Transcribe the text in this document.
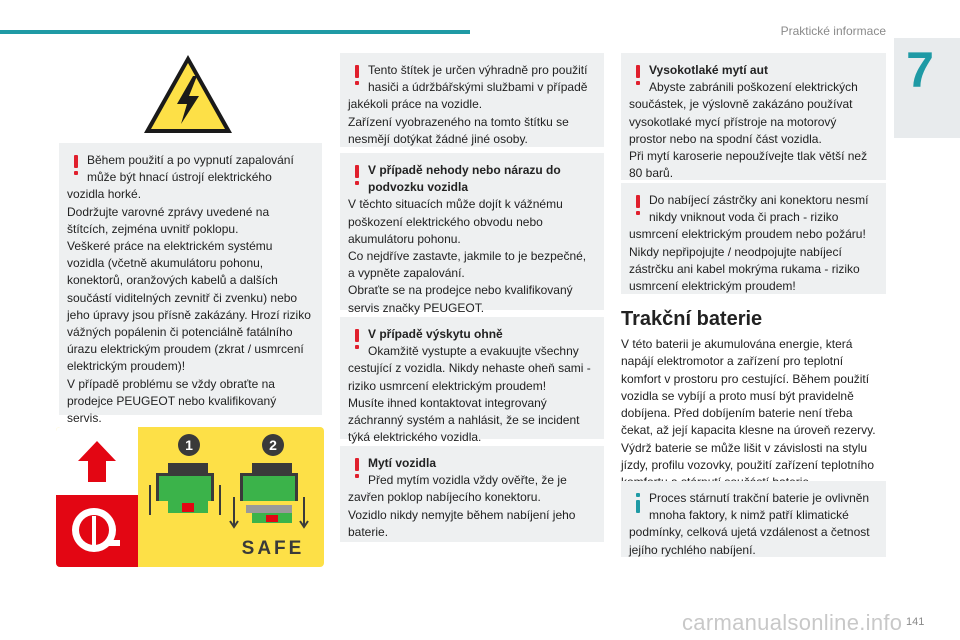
Praktické informace
7
Během použití a po vypnutí zapalování
může být hnací ústrojí elektrického
vozidla horké.
Dodržujte varovné zprávy uvedené na
štítcích, zejména uvnitř poklopu.
Veškeré práce na elektrickém systému
vozidla (včetně akumulátoru pohonu,
konektorů, oranžových kabelů a dalších
součástí viditelných zevnitř či zvenku) nebo
jeho úpravy jsou přísně zakázány. Hrozí riziko
vážných popálenin či potenciálně fatálního
úrazu elektrickým proudem (zkrat / usmrcení
elektrickým proudem)!
V případě problému se vždy obraťte na
prodejce PEUGEOT nebo kvalifikovaný
servis.
1	2
SAFE
Tento štítek je určen výhradně pro použití
hasiči a údržbářskými službami v případě
jakékoli práce na vozidle.
Zařízení vyobrazeného na tomto štítku se
nesmějí dotýkat žádné jiné osoby.
V případě nehody nebo nárazu do
podvozku vozidla
V těchto situacích může dojít k vážnému
poškození elektrického obvodu nebo
akumulátoru pohonu.
Co nejdříve zastavte, jakmile to je bezpečné,
a vypněte zapalování.
Obraťte se na prodejce nebo kvalifikovaný
servis značky PEUGEOT.
V případě výskytu ohně
Okamžitě vystupte a evakuujte všechny
cestující z vozidla. Nikdy nehaste oheň sami -
riziko usmrcení elektrickým proudem!
Musíte ihned kontaktovat integrovaný
záchranný systém a nahlásit, že se incident
týká elektrického vozidla.
Mytí vozidla
Před mytím vozidla vždy ověřte, že je
zavřen poklop nabíjecího konektoru.
Vozidlo nikdy nemyjte během nabíjení jeho
baterie.
Vysokotlaké mytí aut
Abyste zabránili poškození elektrických
součástek, je výslovně zakázáno používat
vysokotlaké mycí přístroje na motorový
prostor nebo na spodní část vozidla.
Při mytí karoserie nepoužívejte tlak větší než
80 barů.
Do nabíjecí zástrčky ani konektoru nesmí
nikdy vniknout voda či prach - riziko
usmrcení elektrickým proudem nebo požáru!
Nikdy nepřipojujte / neodpojujte nabíjecí
zástrčku ani kabel mokrýma rukama - riziko
usmrcení elektrickým proudem!
Trakční baterie
V této baterii je akumulována energie, která
napájí elektromotor a zařízení pro teplotní
komfort v prostoru pro cestující. Během použití
vozidla se vybíjí a proto musí být pravidelně
dobíjena. Před dobíjením baterie není třeba
čekat, až její kapacita klesne na úroveň rezervy.
Výdrž baterie se může lišit v závislosti na stylu
jízdy, profilu vozovky, použití zařízení teplotního
Proces stárnutí trakční baterie je ovlivněn
mnoha faktory, k nimž patří klimatické
podmínky, celková ujetá vzdálenost a četnost
jejího rychlého nabíjení.
carmanualsonline.info 141
